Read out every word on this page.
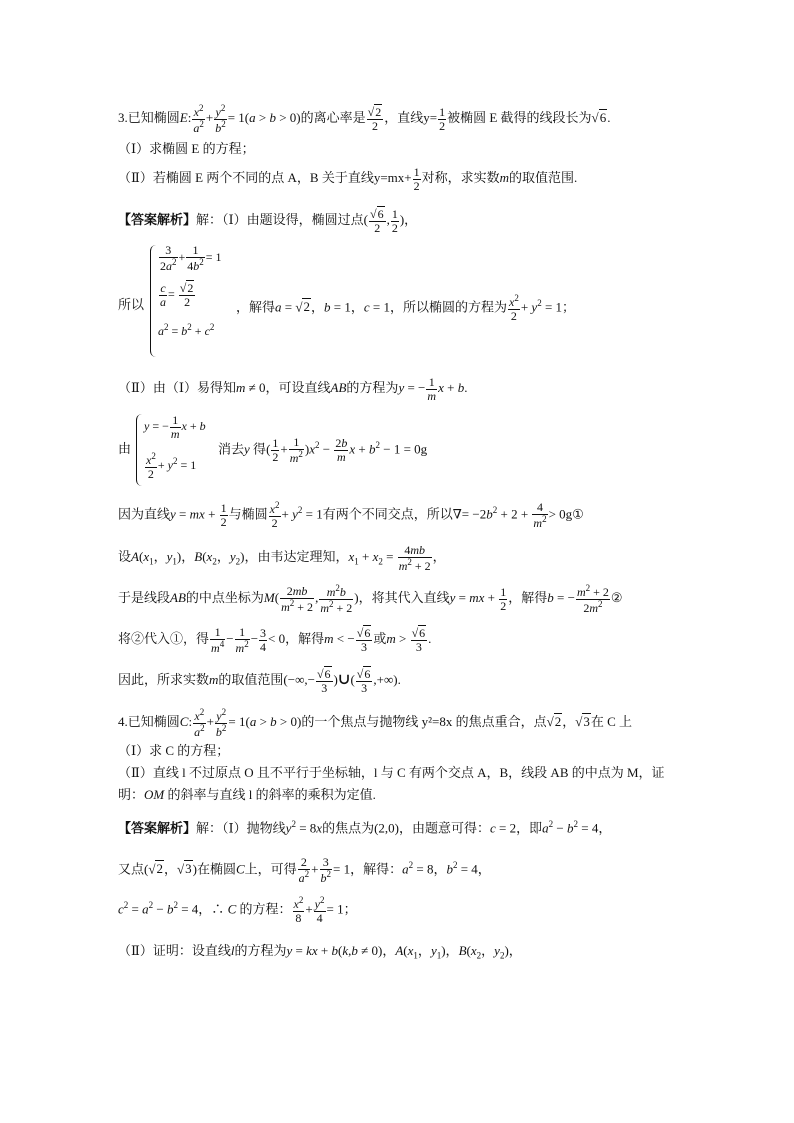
3.已知椭圆E: $\frac{x^2}{a^2} + \frac{y^2}{b^2} = 1(a > b > 0)$的离心率是 $\frac{√2}{2}$ ，直线$y= \frac{1}{2}$ 被椭圆 E 截得的线段长为√6.
（Ⅰ）求椭圆 E 的方程；
（Ⅱ）若椭圆 E 两个不同的点 A，B 关于直线$y=mx+ \frac{1}{2}$ 对称，求实数m的取值范围.
【答案解析】解：（Ⅰ）由题设得，椭圆过点( $\frac{√6}{2}$ , $\frac{1}{2}$ )，
$\frac{3}{2a^2} + \frac{1}{4b^2} = 1$
$\frac{c}{a} = \frac{√2}{2}$
$a^2 = b^2 + c^2$
所以	，解得a = √2，b = 1，c = 1，所以椭圆的方程为 $\frac{x^2}{2} + y^2 = 1$；
（Ⅱ）由（Ⅰ）易得知m ≠ 0，可设直线AB的方程为y = − $\frac{1}{m}$ x + b.
y = − $\frac{1}{m}$ x + b
$\frac{x^2}{2} + y^2 = 1$
由	消去y 得( $\frac{1}{2} + \frac{1}{m^2} )x^2 - \frac{2b}{m}$ $x + b^2 - 1 = 0g$
因为直线y = mx + $\frac{1}{2}$ 与椭圆 $\frac{x^2}{2} + y^2 = 1$有两个不同交点，所以∇= $-2b^2 + 2 + \frac{4}{m^2}$ > 0g①
设$A(x_1$，$y_1$)，$B(x_2$，$y_2$)，由韦达定理知，$x_1 + x_2 = \frac{4mb}{m^2 + 2}$ ，
于是线段AB的中点坐标为$M( \frac{2mb}{m^2 + 2}$ , $\frac{m^2b}{m^2 + 2}$ )，将其代入直线y = mx + $\frac{1}{2}$ ，解得b = − $\frac{m^2 + 2}{2m^2}$ ②
将②代入①，得 $\frac{1}{m^4} - \frac{1}{m^2} - \frac{3}{4} < 0$，解得m < − $\frac{√6}{3}$ 或$m > \frac{√6}{3}$ .
因此，所求实数m的取值范围(−∞,− $\frac{√6}{3}$ )∪( $\frac{√6}{3}$ ,+∞).
4.已知椭圆C: $\frac{x^2}{a^2} + \frac{y^2}{b^2} = 1(a > b > 0)$的一个焦点与抛物线 y²=8x 的焦点重合，点√2，√3在 C 上
（Ⅰ）求 C 的方程；
（Ⅱ）直线 l 不过原点 O 且不平行于坐标轴，l 与 C 有两个交点 A，B，线段 AB 的中点为 M，证
明：OM 的斜率与直线 l 的斜率的乘积为定值.
【答案解析】解：（Ⅰ）抛物线$y^2 = 8x$的焦点为(2,0)，由题意可得：c = 2，即$a^2 - b^2 = 4$，
又点(√2，√3)在椭圆C上，可得 $\frac{2}{a^2} + \frac{3}{b^2} = 1$，解得：$a^2 = 8$，$b^2 = 4$，
$c^2 = a^2 - b^2 = 4$，∴ C 的方程： $\frac{x^2}{8} + \frac{y^2}{4} = 1$；
（Ⅱ）证明：设直线l的方程为y = kx + b(k,b ≠ 0)，$A(x_1$，$y_1$)，$B(x_2$，$y_2$)，
